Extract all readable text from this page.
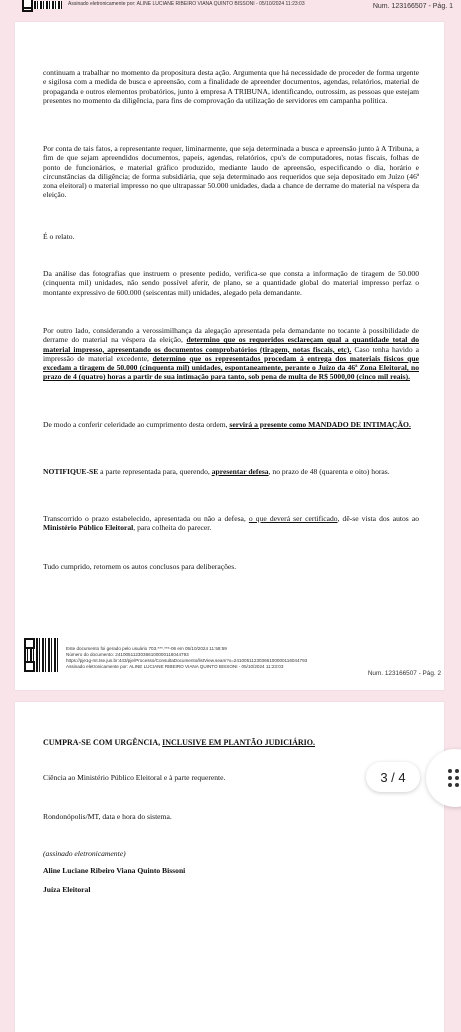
Assinado eletronicamente por: ALINE LUCIANE RIBEIRO VIANA QUINTO BISSONI - 05/10/2024 11:23:03	Num. 123166507 - Pág. 1
continuam a trabalhar no momento da propositura desta ação. Argumenta que há necessidade de proceder de forma urgente e sigilosa com a medida de busca e apreensão, com a finalidade de apreender documentos, agendas, relatórios, material de propaganda e outros elementos probatórios, junto à empresa A TRIBUNA, identificando, outrossim, as pessoas que estejam presentes no momento da diligência, para fins de comprovação da utilização de servidores em campanha política.
Por conta de tais fatos, a representante requer, liminarmente, que seja determinada a busca e apreensão junto à A Tribuna, a fim de que sejam apreendidos documentos, papeis, agendas, relatórios, cpu's de computadores, notas fiscais, folhas de ponto de funcionários, e material gráfico produzido, mediante laudo de apreensão, especificando o dia, horário e circunstâncias da diligência; de forma subsidiária, que seja determinado aos requeridos que seja depositado em Juízo (46ª zona eleitoral) o material impresso no que ultrapassar 50.000 unidades, dada a chance de derrame do material na véspera da eleição.
É o relato.
Da análise das fotografias que instruem o presente pedido, verifica-se que consta a informação de tiragem de 50.000 (cinquenta mil) unidades, não sendo possível aferir, de plano, se a quantidade global do material impresso perfaz o montante expressivo de 600.000 (seiscentas mil) unidades, alegado pela demandante.
Por outro lado, considerando a verossimilhança da alegação apresentada pela demandante no tocante à possibilidade de derrame do material na véspera da eleição, determino que os requeridos esclareçam qual a quantidade total do material impresso, apresentando os documentos comprobatórios (tiragem, notas fiscais, etc). Caso tenha havido a impressão de material excedente, determino que os representados procedam à entrega dos materiais físicos que excedam a tiragem de 50.000 (cinquenta mil) unidades, espontaneamente, perante o Juízo da 46ª Zona Eleitoral, no prazo de 4 (quatro) horas a partir de sua intimação para tanto, sob pena de multa de R$ 5000,00 (cinco mil reais).
De modo a conferir celeridade ao cumprimento desta ordem, servirá a presente como MANDADO DE INTIMAÇÃO.
NOTIFIQUE-SE a parte representada para, querendo, apresentar defesa, no prazo de 48 (quarenta e oito) horas.
Transcorrido o prazo estabelecido, apresentada ou não a defesa, o que deverá ser certificado, dê-se vista dos autos ao Ministério Público Eleitoral, para colheita do parecer.
Tudo cumprido, retornem os autos conclusos para deliberações.
Este documento foi gerado pelo usuário 703.***.***-06 em 05/10/2024 11:58:59
Número do documento: 24100511230366100000116044793
https://pje1g-mt.tse.jus.br:443/pje/Processo/ConsultaDocumento/listView.seam?x=24100511230366100000116044793
Assinado eletronicamente por: ALINE LUCIANE RIBEIRO VIANA QUINTO BISSONI - 05/10/2024 11:23:03
Num. 123166507 - Pág. 2
CUMPRA-SE COM URGÊNCIA, INCLUSIVE EM PLANTÃO JUDICIÁRIO.
Ciência ao Ministério Público Eleitoral e à parte requerente.
Rondonópolis/MT, data e hora do sistema.
(assinado eletronicamente)
Aline Luciane Ribeiro Viana Quinto Bissoni
Juíza Eleitoral
3 / 4
